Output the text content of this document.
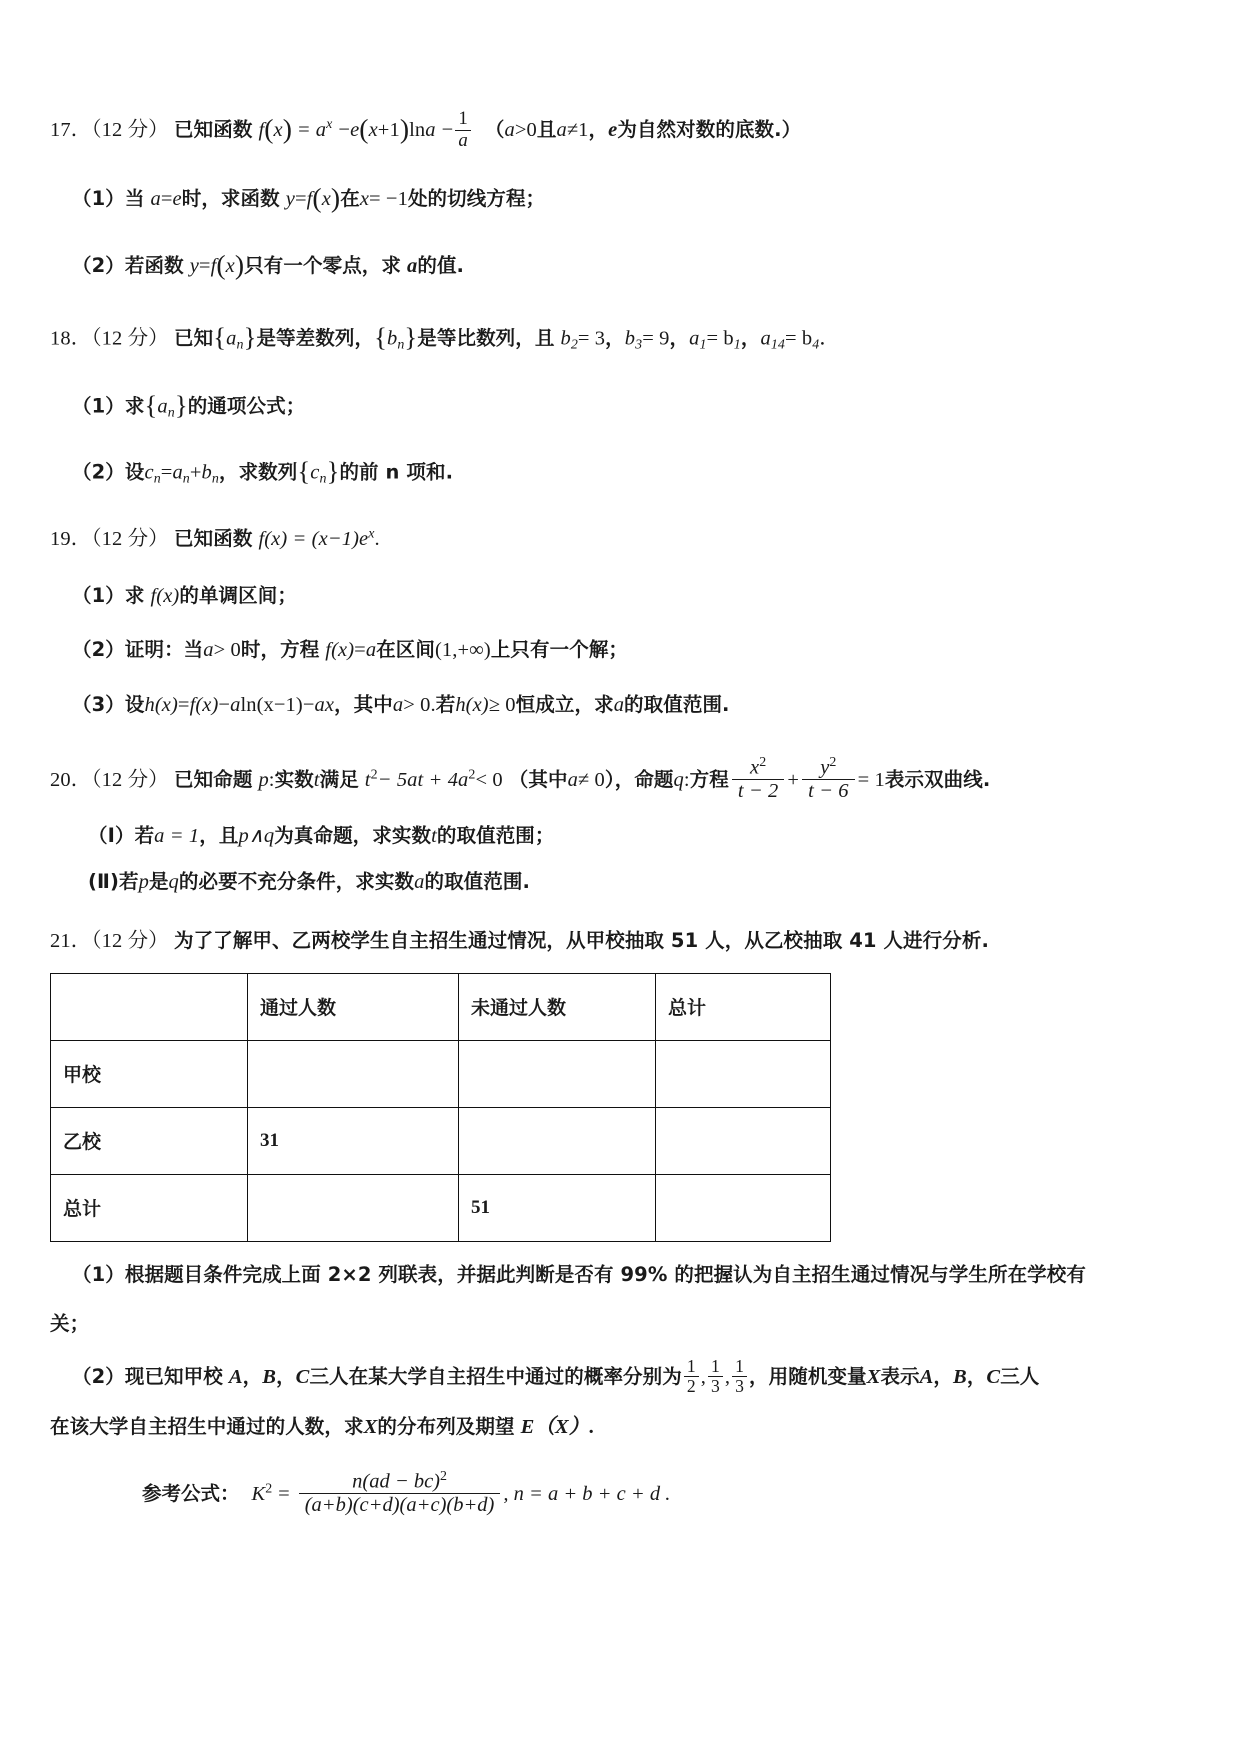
17．（12 分） 已知函数 $f(x) = a^x -e(x+1)\ln a - \frac{1}{a} (a>0$且a≠1，e为自然对数的底数.）
（1）当 a=e时，求函数 y=f(x)在x= −1处的切线方程；
（2）若函数 y=f(x)只有一个零点，求 a的值.
18．（12 分） 已知$\{a_n\}$是等差数列，$\{b_n\}$是等比数列，且 $b_2= 3$，$b_3= 9$，$a_1= b_1$，$a_{14}= b_4$．
（1）求$\{a_n\}$的通项公式；
（2）设$c_n=a_n+b_n$，求数列$\{c_n\}$的前 n 项和.
19．（12 分） 已知函数 $f(x) = (x-1)e^x$.
（1）求 f(x)的单调区间；
（2）证明：当a> 0时，方程 f(x)=a在区间(1,+∞)上只有一个解；
（3）设h(x)=f(x)−aln(x−1)−ax，其中a> 0.若h(x)≥ 0恒成立，求a的取值范围.
20．（12 分） 已知命题 p:实数t满足 $t^2- 5at + 4a^2< 0$ （其中a≠ 0），命题q:方程 $\frac{x^2}{t - 2} + \frac{y^2}{t - 6} = 1$表示双曲线.
（Ⅰ）若a = 1，且p∧q为真命题，求实数t的取值范围；
(Ⅱ)若p是q的必要不充分条件，求实数a的取值范围.
21．（12 分） 为了了解甲、乙两校学生自主招生通过情况，从甲校抽取 51 人，从乙校抽取 41 人进行分析.
	通过人数	未通过人数	总计
甲校			
乙校	31		
总计		51	
（1）根据题目条件完成上面 2×2 列联表，并据此判断是否有 99% 的把握认为自主招生通过情况与学生所在学校有
关；
（2）现已知甲校 A，B，C三人在某大学自主招生中通过的概率分别为 $\frac{1}{2}$ , $\frac{1}{3}$ , $\frac{1}{3}$ ，用随机变量X表示A，B，C三人
在该大学自主招生中通过的人数，求X的分布列及期望 E（X）.
参考公式： $K^2 = \frac{n(ad - bc)^2}{(a+b)(c+d)(a+c)(b+d)}$ , n = a + b + c + d .
